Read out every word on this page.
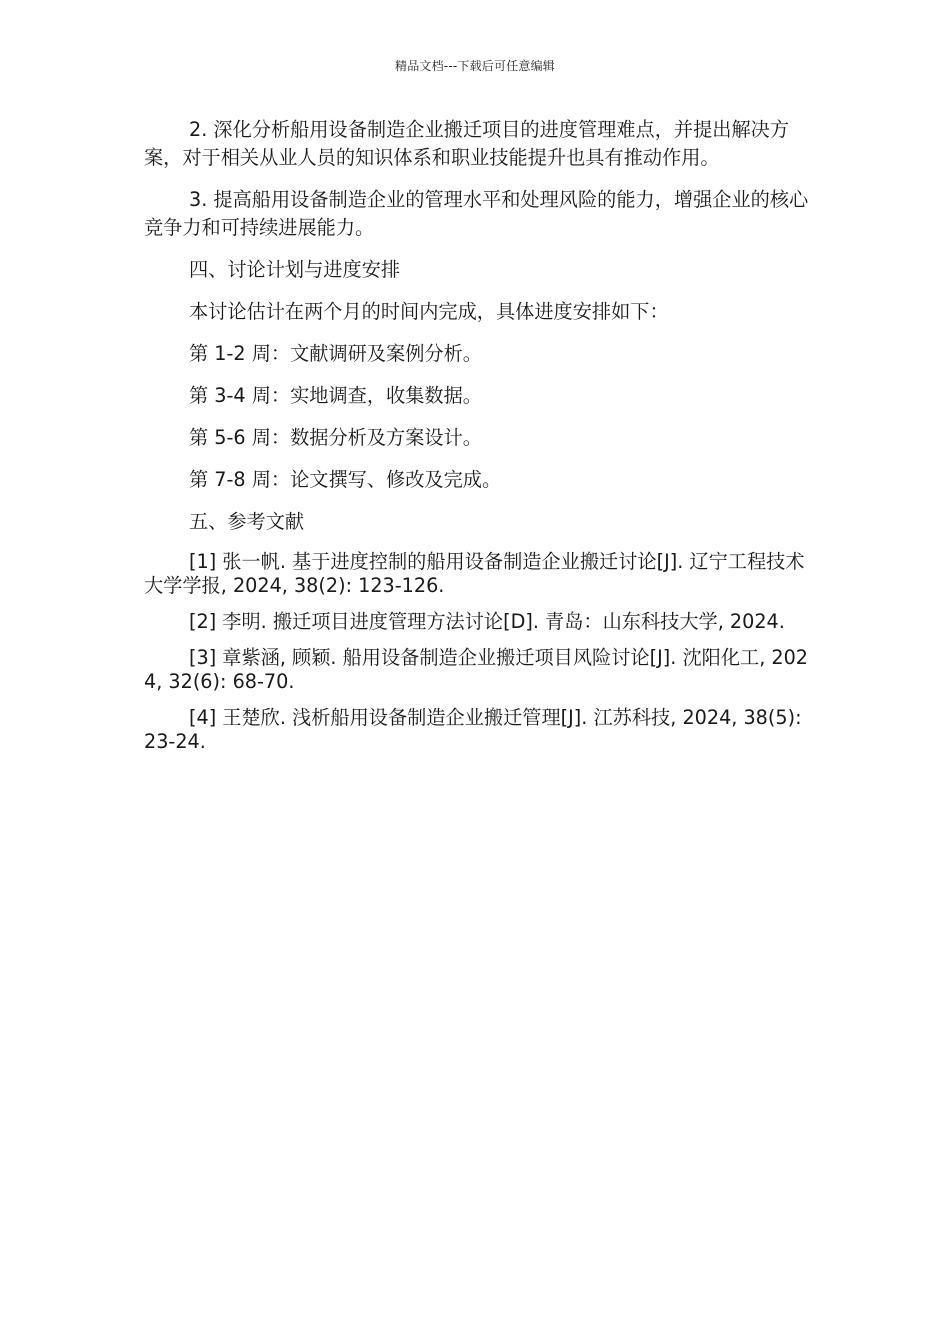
精品文档---下载后可任意编辑

2. 深化分析船用设备制造企业搬迁项目的进度管理难点，并提出解决方案，对于相关从业人员的知识体系和职业技能提升也具有推动作用。

3. 提高船用设备制造企业的管理水平和处理风险的能力，增强企业的核心竞争力和可持续进展能力。

四、讨论计划与进度安排

本讨论估计在两个月的时间内完成，具体进度安排如下：

第 1-2 周：文献调研及案例分析。

第 3-4 周：实地调查，收集数据。

第 5-6 周：数据分析及方案设计。

第 7-8 周：论文撰写、修改及完成。

五、参考文献

[1] 张一帆. 基于进度控制的船用设备制造企业搬迁讨论[J]. 辽宁工程技术大学学报, 2024, 38(2): 123-126.

[2] 李明. 搬迁项目进度管理方法讨论[D]. 青岛：山东科技大学, 2024.

[3] 章紫涵, 顾颖. 船用设备制造企业搬迁项目风险讨论[J]. 沈阳化工, 2024, 32(6): 68-70.

[4] 王楚欣. 浅析船用设备制造企业搬迁管理[J]. 江苏科技, 2024, 38(5): 23-24.
